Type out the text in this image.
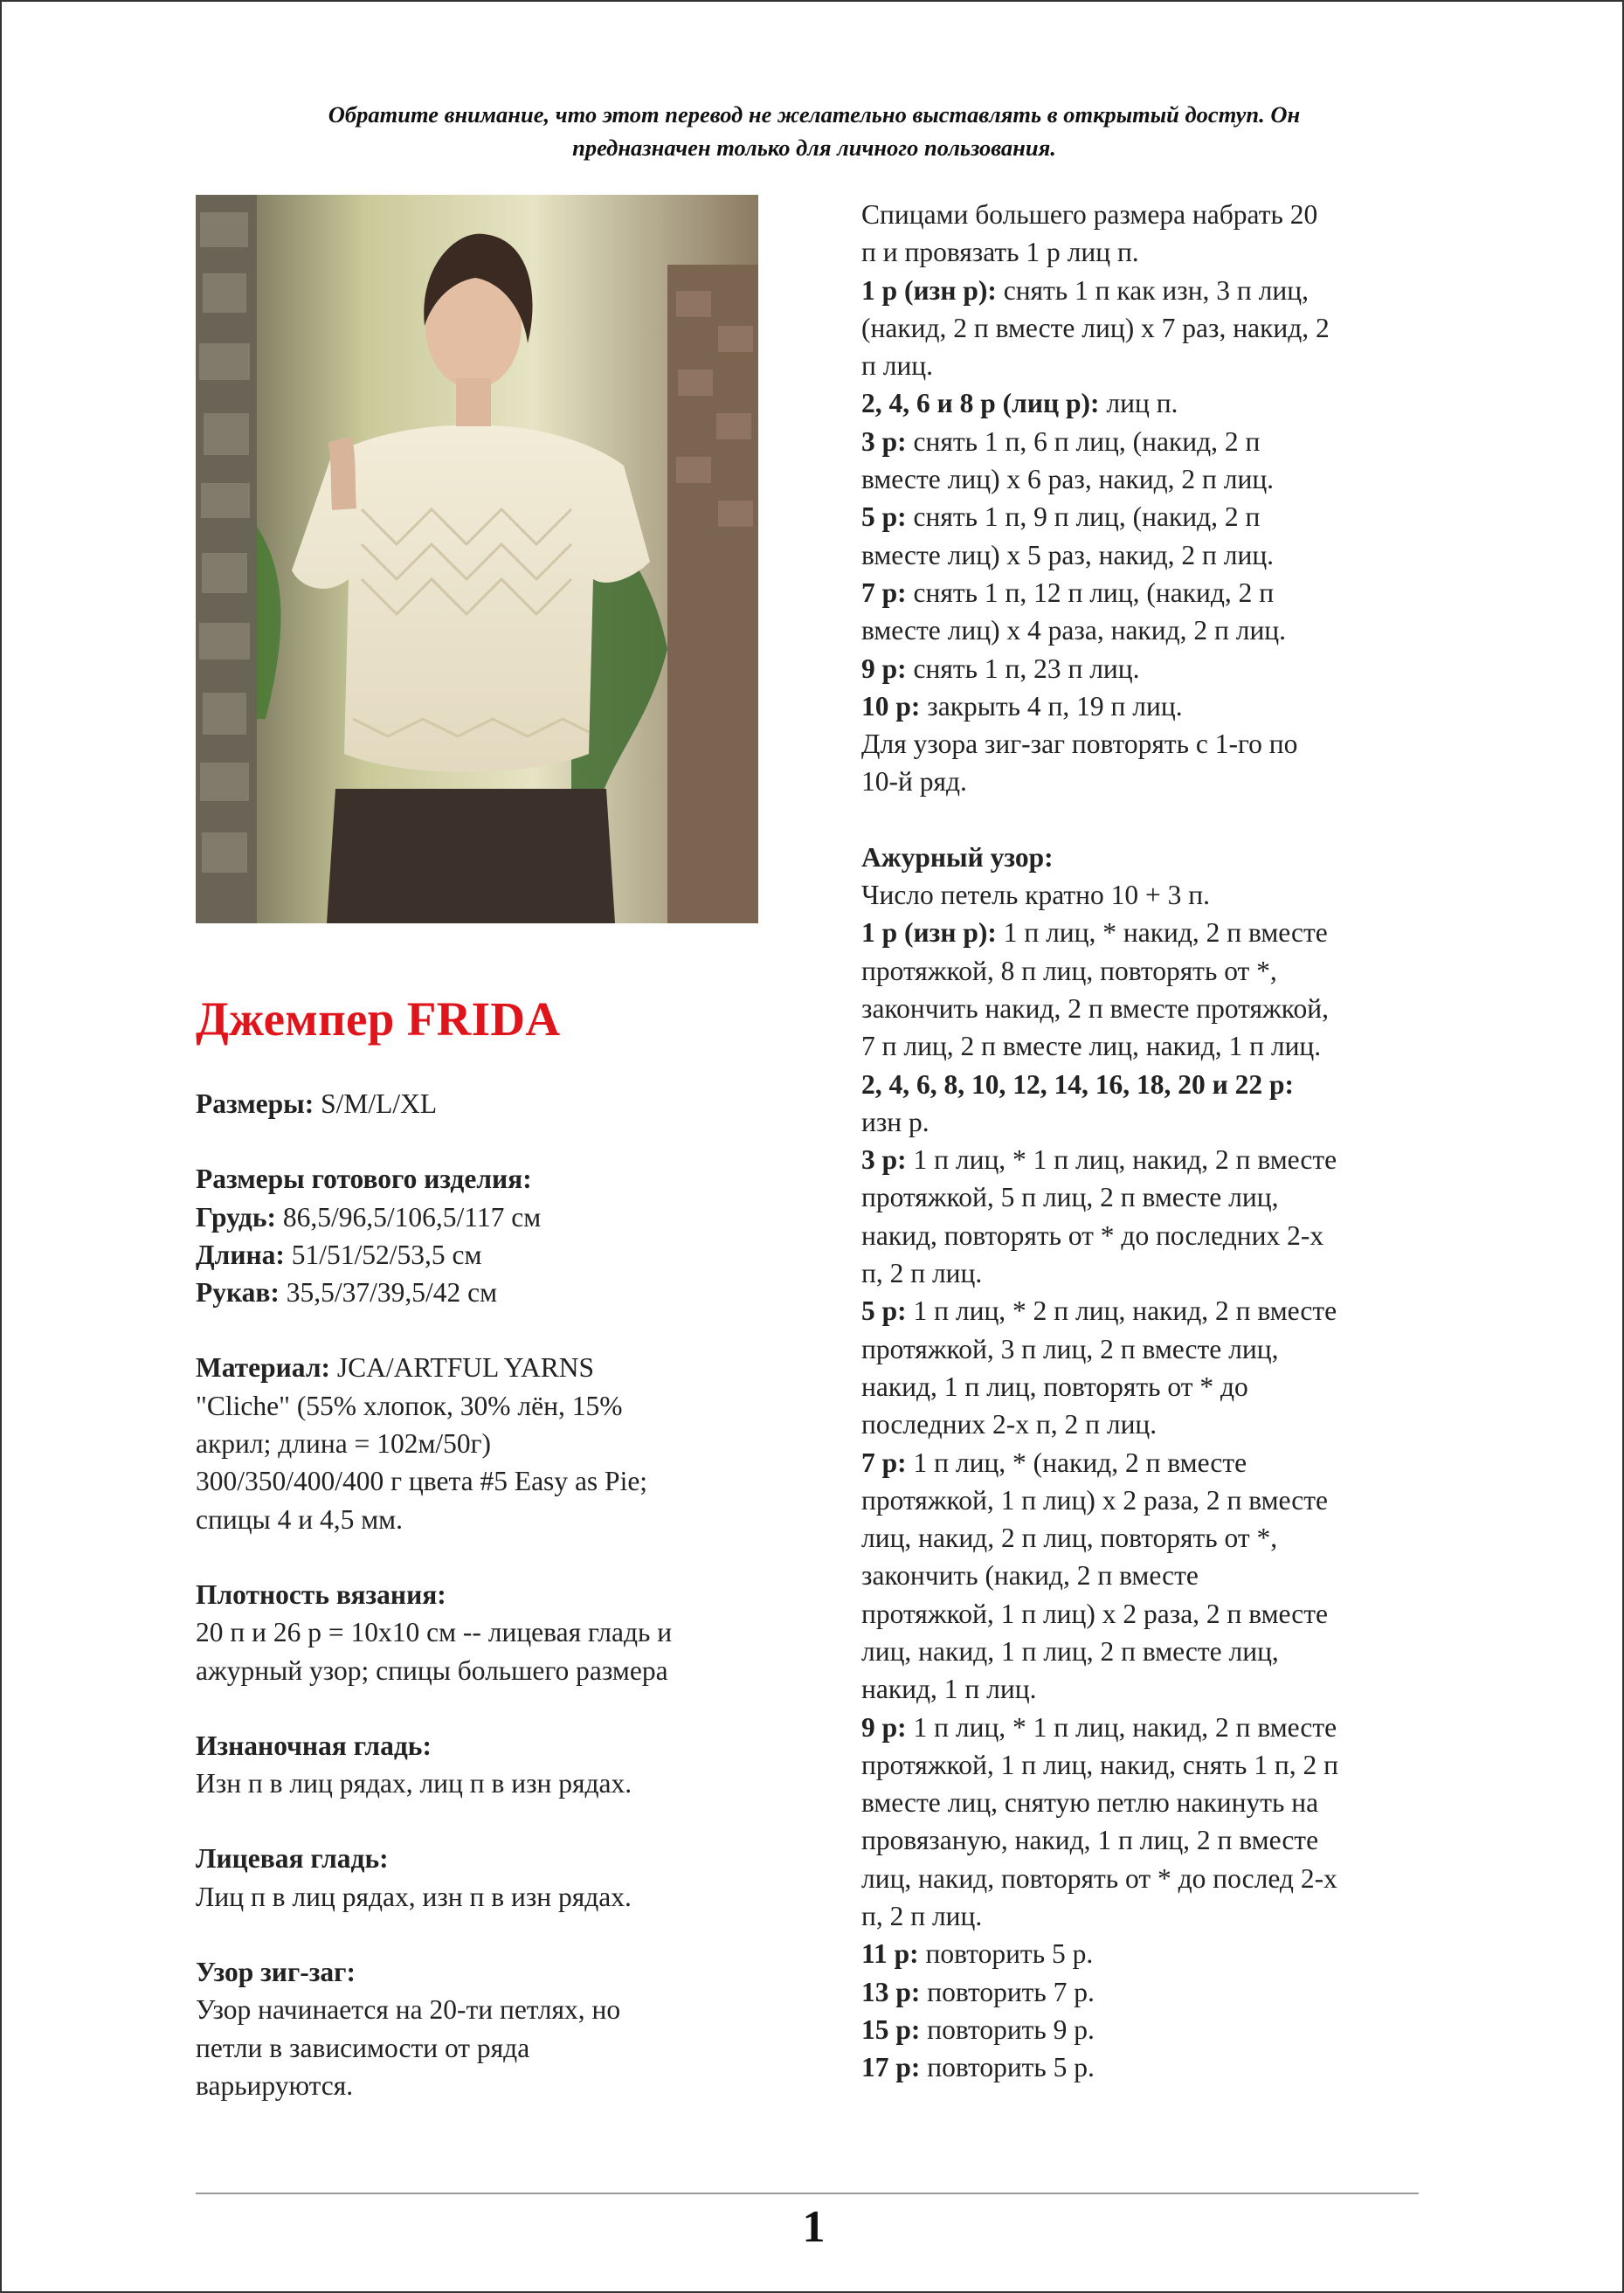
Обратите внимание, что этот перевод не желательно выставлять в открытый доступ. Он
предназначен только для личного пользования.
Джемпер FRIDA

Размеры: S/M/L/XL

Размеры готового изделия:

Грудь: 86,5/96,5/106,5/117 см

Длина: 51/51/52/53,5 см

Рукав: 35,5/37/39,5/42 см

Материал: JCA/ARTFUL YARNS

"Cliche" (55% хлопок, 30% лён, 15%

акрил; длина = 102м/50г)

300/350/400/400 г цвета #5 Easy as Pie;

спицы 4 и 4,5 мм.

Плотность вязания:

20 п и 26 р = 10х10 см -- лицевая гладь и

ажурный узор; спицы большего размера

Изнаночная гладь:

Изн п в лиц рядах, лиц п в изн рядах.

Лицевая гладь:

Лиц п в лиц рядах, изн п в изн рядах.

Узор зиг-заг:

Узор начинается на 20-ти петлях, но

петли в зависимости от ряда

варьируются.

Спицами большего размера набрать 20

п и провязать 1 р лиц п.

1 р (изн р): снять 1 п как изн, 3 п лиц,

(накид, 2 п вместе лиц) х 7 раз, накид, 2

п лиц.

2, 4, 6 и 8 р (лиц р): лиц п.

3 р: снять 1 п, 6 п лиц, (накид, 2 п

вместе лиц) х 6 раз, накид, 2 п лиц.

5 р: снять 1 п, 9 п лиц, (накид, 2 п

вместе лиц) х 5 раз, накид, 2 п лиц.

7 р: снять 1 п, 12 п лиц, (накид, 2 п

вместе лиц) х 4 раза, накид, 2 п лиц.

9 р: снять 1 п, 23 п лиц.

10 р: закрыть 4 п, 19 п лиц.

Для узора зиг-заг повторять с 1-го по

10-й ряд.

Ажурный узор:

Число петель кратно 10 + 3 п.

1 р (изн р): 1 п лиц, * накид, 2 п вместе

протяжкой, 8 п лиц, повторять от *,

закончить накид, 2 п вместе протяжкой,

7 п лиц, 2 п вместе лиц, накид, 1 п лиц.

2, 4, 6, 8, 10, 12, 14, 16, 18, 20 и 22 р:

изн р.

3 р: 1 п лиц, * 1 п лиц, накид, 2 п вместе

протяжкой, 5 п лиц, 2 п вместе лиц,

накид, повторять от * до последних 2-х

п, 2 п лиц.

5 р: 1 п лиц, * 2 п лиц, накид, 2 п вместе

протяжкой, 3 п лиц, 2 п вместе лиц,

накид, 1 п лиц, повторять от * до

последних 2-х п, 2 п лиц.

7 р: 1 п лиц, * (накид, 2 п вместе

протяжкой, 1 п лиц) х 2 раза, 2 п вместе

лиц, накид, 2 п лиц, повторять от *,

закончить (накид, 2 п вместе

протяжкой, 1 п лиц) х 2 раза, 2 п вместе

лиц, накид, 1 п лиц, 2 п вместе лиц,

накид, 1 п лиц.

9 р: 1 п лиц, * 1 п лиц, накид, 2 п вместе

протяжкой, 1 п лиц, накид, снять 1 п, 2 п

вместе лиц, снятую петлю накинуть на

провязаную, накид, 1 п лиц, 2 п вместе

лиц, накид, повторять от * до послед 2-х

п, 2 п лиц.

11 р: повторить 5 р.

13 р: повторить 7 р.

15 р: повторить 9 р.

17 р: повторить 5 р.

1
